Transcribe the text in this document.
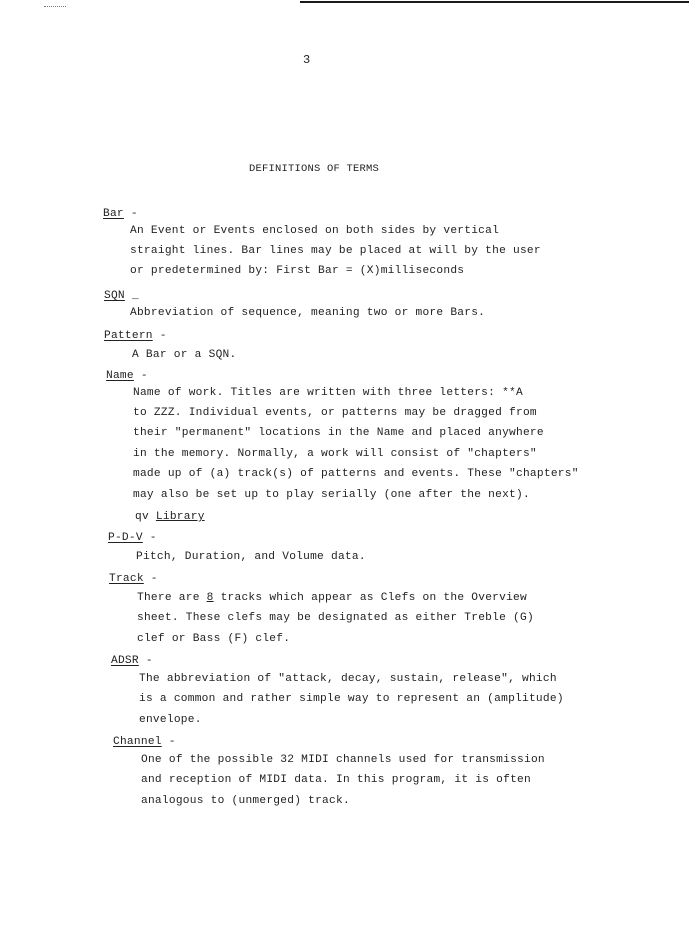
3
DEFINITIONS OF TERMS
Bar -
An Event or Events enclosed on both sides by vertical
straight lines. Bar lines may be placed at will by the user
or predetermined by: First Bar = (X)milliseconds
SQN _
Abbreviation of sequence, meaning two or more Bars.
Pattern -
A Bar or a SQN.
Name -
Name of work. Titles are written with three letters: **A
to ZZZ. Individual events, or patterns may be dragged from
their "permanent" locations in the Name and placed anywhere
in the memory. Normally, a work will consist of "chapters"
made up of (a) track(s) of patterns and events. These "chapters"
may also be set up to play serially (one after the next).
qv Library
P-D-V -
Pitch, Duration, and Volume data.
Track -
There are 8 tracks which appear as Clefs on the Overview
sheet. These clefs may be designated as either Treble (G)
clef or Bass (F) clef.
ADSR -
The abbreviation of "attack, decay, sustain, release", which
is a common and rather simple way to represent an (amplitude)
envelope.
Channel -
One of the possible 32 MIDI channels used for transmission
and reception of MIDI data. In this program, it is often
analogous to (unmerged) track.
